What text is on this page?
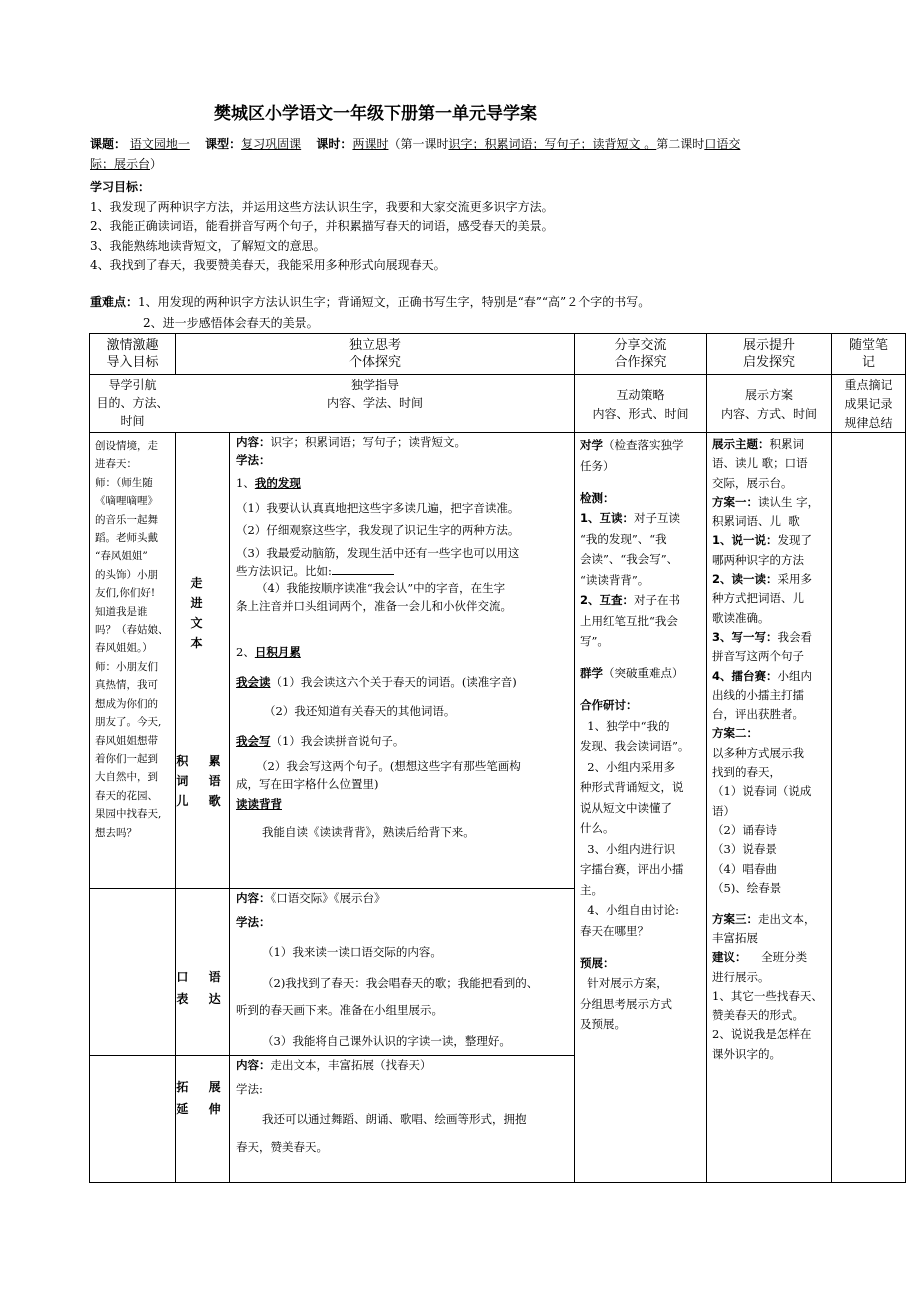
樊城区小学语文一年级下册第一单元导学案
课题： 语文园地一 课型：复习巩固课 课时：两课时（第一课时识字；积累词语；写句子；读背短文 。第二课时口语交
际；展示台）
学习目标：
1、我发现了两种识字方法，并运用这些方法认识生字，我要和大家交流更多识字方法。
2、我能正确读词语，能看拼音写两个句子，并积累描写春天的词语，感受春天的美景。
3、我能熟练地读背短文，了解短文的意思。
4、我找到了春天，我要赞美春天，我能采用多种形式向展现春天。
重难点：1、用发现的两种识字方法认识生字；背诵短文，正确书写生字，特别是“春”“高”２个字的书写。
2、进一步感悟体会春天的美景。
激情激趣
导入目标
独立思考
个体探究
分享交流
合作探究
展示提升
启发探究
随堂笔
记
导学引航
目的、方法、
时间
独学指导
内容、学法、时间
互动策略
内容、形式、时间
展示方案
内容、方式、时间
重点摘记
成果记录
规律总结
创设情境，走
进春天：
师：（师生随
《嘀哩嘀哩》
的音乐一起舞
蹈。老师头戴
“春风姐姐”
的头饰）小朋
友们,你们好!
知道我是谁
吗？（春姑娘、
春风姐姐。）
师：小朋友们
真热情，我可
想成为你们的
朋友了。今天,
春风姐姐想带
着你们一起到
大自然中，到
春天的花园、
果园中找春天,
想去吗？
走进文本
积 累
词 语
儿 歌
口 语
表 达
拓 展
延 伸
内容：识字；积累词语；写句子；读背短文。
学法：
1、我的发现
（1）我要认认真真地把这些字多读几遍，把字音读准。
（2）仔细观察这些字，我发现了识记生字的两种方法。
（3）我最爱动脑筋，发现生活中还有一些字也可以用这
些方法识记。比如:
（4）我能按顺序读准“我会认”中的字音，在生字
条上注音并口头组词两个，准备一会儿和小伙伴交流。
2、日积月累
我会读（1）我会读这六个关于春天的词语。(读准字音)
（2）我还知道有关春天的其他词语。
我会写（1）我会读拼音说句子。
（2）我会写这两个句子。(想想这些字有那些笔画构
成，写在田字格什么位置里)
读读背背
我能自读《读读背背》，熟读后给背下来。
内容：《口语交际》《展示台》
学法：
（1）我来读一读口语交际的内容。
（2)我找到了春天：我会唱春天的歌；我能把看到的、
听到的春天画下来。准备在小组里展示。
（3）我能将自己课外认识的字读一读，整理好。
内容：走出文本，丰富拓展（找春天）
学法:
我还可以通过舞蹈、朗诵、歌唱、绘画等形式，拥抱
春天，赞美春天。
对学（检查落实独学
任务）
检测：
1、互读：对子互读
“我的发现”、“我
会读”、“我会写”、
“读读背背”。
2、互查：对子在书
上用红笔互批“我会
写”。
群学（突破重难点）
合作研讨：
1、独学中“我的
发现、我会读词语”。
2、小组内采用多
种形式背诵短文，说
说从短文中读懂了
什么。
3、小组内进行识
字擂台赛，评出小擂
主。
4、小组自由讨论:
春天在哪里？
预展：
针对展示方案，
分组思考展示方式
及预展。
展示主题：积累词
语、读儿 歌；口语
交际，展示台。
方案一：读认生 字，
积累词语、儿  歌
1、说一说：发现了
哪两种识字的方法
2、读一读：采用多
种方式把词语、儿
歌读准确。
3、写一写：我会看
拼音写这两个句子
4、擂台赛：小组内
出线的小擂主打擂
台，评出获胜者。
方案二：
以多种方式展示我
找到的春天，
（1）说春词（说成
语）
（2）诵春诗
（3）说春景
（4）唱春曲
（5)、绘春景
方案三：走出文本，
丰富拓展
建议：    全班分类
进行展示。
1、其它一些找春天、
赞美春天的形式。
2、说说我是怎样在
课外识字的。
